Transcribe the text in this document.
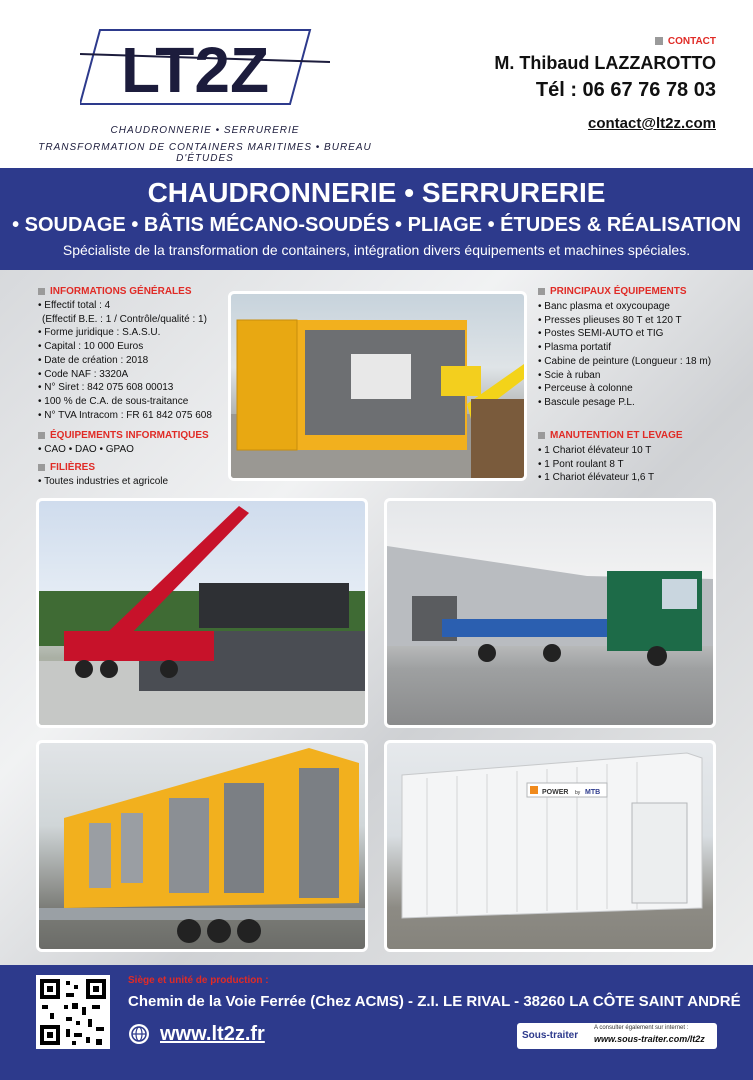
LT2Z
CHAUDRONNERIE • SERRURERIE
TRANSFORMATION DE CONTAINERS MARITIMES • BUREAU D'ÉTUDES
CONTACT
M. Thibaud LAZZAROTTO
Tél : 06 67 76 78 03
contact@lt2z.com
CHAUDRONNERIE • SERRURERIE
• SOUDAGE • BÂTIS MÉCANO-SOUDÉS • PLIAGE • ÉTUDES & RÉALISATION
Spécialiste de la transformation de containers, intégration divers équipements et machines spéciales.
INFORMATIONS GÉNÉRALES
• Effectif total : 4
(Effectif B.E. : 1 / Contrôle/qualité : 1)
• Forme juridique : S.A.S.U.
• Capital : 10 000 Euros
• Date de création : 2018
• Code NAF : 3320A
• N° Siret : 842 075 608 00013
• 100 % de C.A. de sous-traitance
• N° TVA Intracom : FR 61 842 075 608
ÉQUIPEMENTS INFORMATIQUES
• CAO • DAO • GPAO
FILIÈRES
• Toutes industries et agricole
PRINCIPAUX ÉQUIPEMENTS
• Banc plasma et oxycoupage
• Presses plieuses 80 T et 120 T
• Postes SEMI-AUTO et TIG
• Plasma portatif
• Cabine de peinture (Longueur : 18 m)
• Scie à ruban
• Perceuse à colonne
• Bascule pesage P.L.
MANUTENTION ET LEVAGE
• 1 Chariot élévateur 10 T
• 1 Pont roulant 8 T
• 1 Chariot élévateur 1,6 T
POWER by MTB
Siège et unité de production :
Chemin de la Voie Ferrée (Chez ACMS) - Z.I. LE RIVAL - 38260 LA CÔTE SAINT ANDRÉ
www.lt2z.fr	Sous-traiter
A consulter également sur internet :
www.sous-traiter.com/lt2z
